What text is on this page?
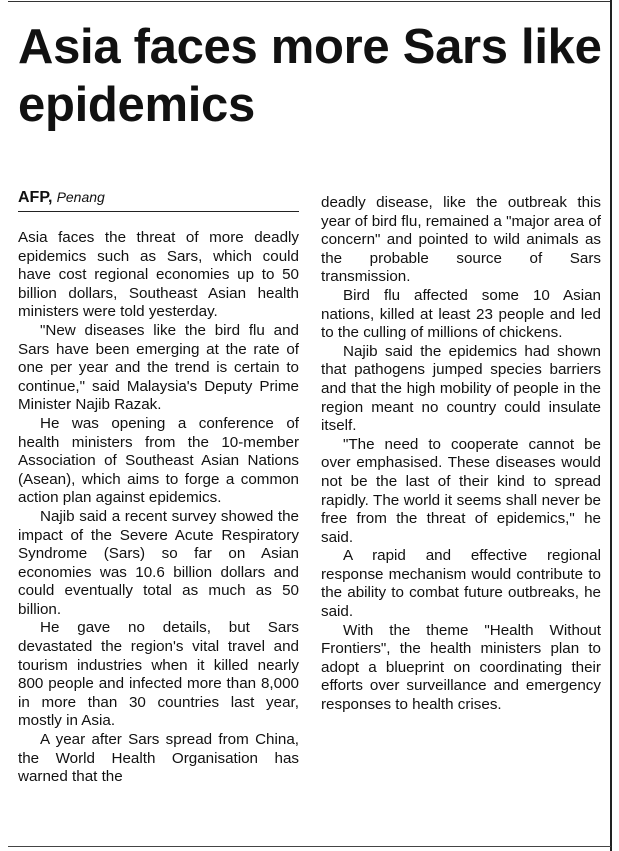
Asia faces more Sars like epidemics
AFP, Penang

Asia faces the threat of more deadly epidemics such as Sars, which could have cost regional economies up to 50 billion dollars, Southeast Asian health ministers were told yesterday.

"New diseases like the bird flu and Sars have been emerging at the rate of one per year and the trend is certain to continue," said Malaysia's Deputy Prime Minister Najib Razak.

He was opening a conference of health ministers from the 10-member Association of Southeast Asian Nations (Asean), which aims to forge a common action plan against epidemics.

Najib said a recent survey showed the impact of the Severe Acute Respiratory Syndrome (Sars) so far on Asian economies was 10.6 billion dollars and could eventually total as much as 50 billion.

He gave no details, but Sars devastated the region's vital travel and tourism industries when it killed nearly 800 people and infected more than 8,000 in more than 30 countries last year, mostly in Asia.

A year after Sars spread from China, the World Health Organisation has warned that the

deadly disease, like the outbreak this year of bird flu, remained a "major area of concern" and pointed to wild animals as the probable source of Sars transmission.

Bird flu affected some 10 Asian nations, killed at least 23 people and led to the culling of millions of chickens.

Najib said the epidemics had shown that pathogens jumped species barriers and that the high mobility of people in the region meant no country could insulate itself.

"The need to cooperate cannot be over emphasised. These diseases would not be the last of their kind to spread rapidly. The world it seems shall never be free from the threat of epidemics," he said.

A rapid and effective regional response mechanism would contribute to the ability to combat future outbreaks, he said.

With the theme "Health Without Frontiers", the health ministers plan to adopt a blueprint on coordinating their efforts over surveillance and emergency responses to health crises.
